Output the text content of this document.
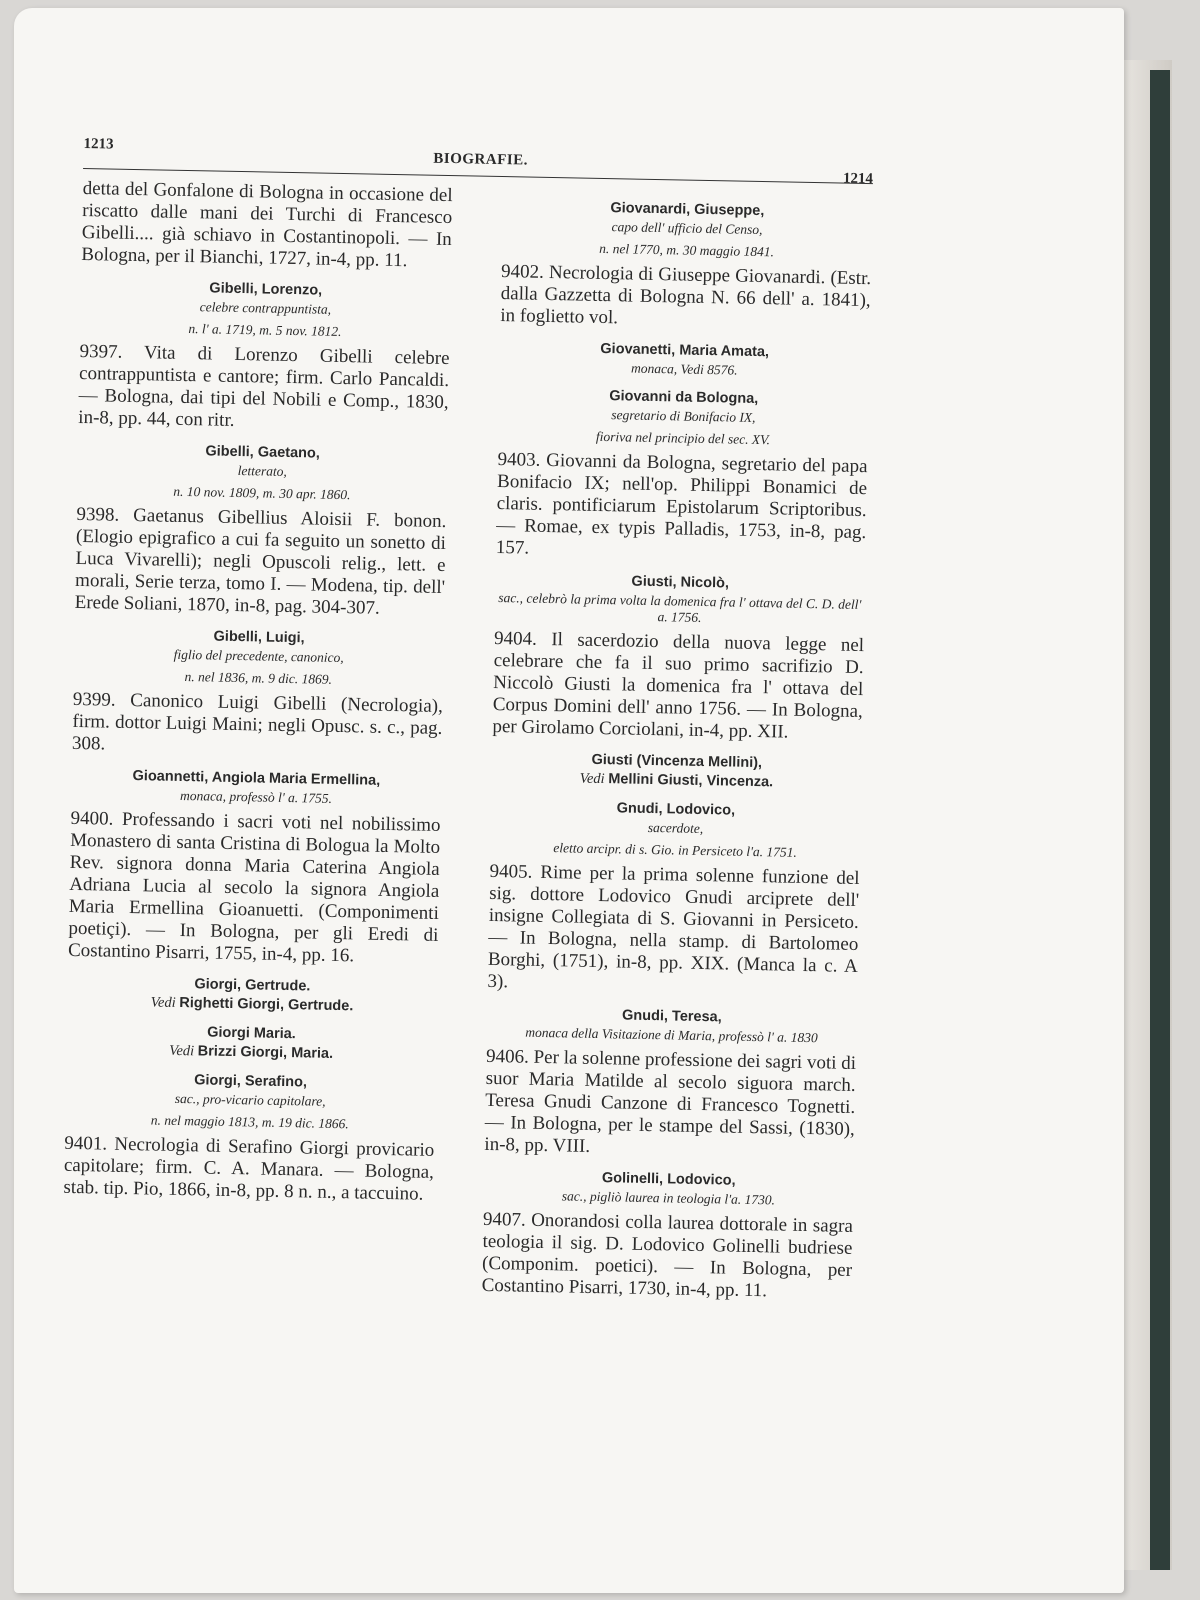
1213
BIOGRAFIE.
1214
detta del Gonfalone di Bologna in occasione del riscatto dalle mani dei Turchi di Francesco Gibelli.... già schiavo in Costantinopoli. — In Bologna, per il Bianchi, 1727, in-4, pp. 11.
Gibelli, Lorenzo,
celebre contrappuntista,
n. l' a. 1719, m. 5 nov. 1812.
9397. Vita di Lorenzo Gibelli celebre contrappuntista e cantore; firm. Carlo Pancaldi. — Bologna, dai tipi del Nobili e Comp., 1830, in-8, pp. 44, con ritr.
Gibelli, Gaetano,
letterato,
n. 10 nov. 1809, m. 30 apr. 1860.
9398. Gaetanus Gibellius Aloisii F. bonon. (Elogio epigrafico a cui fa seguito un sonetto di Luca Vivarelli); negli Opuscoli relig., lett. e morali, Serie terza, tomo I. — Modena, tip. dell' Erede Soliani, 1870, in-8, pag. 304-307.
Gibelli, Luigi,
figlio del precedente, canonico,
n. nel 1836, m. 9 dic. 1869.
9399. Canonico Luigi Gibelli (Necrologia), firm. dottor Luigi Maini; negli Opusc. s. c., pag. 308.
Gioannetti, Angiola Maria Ermellina,
monaca, professò l' a. 1755.
9400. Professando i sacri voti nel nobilissimo Monastero di santa Cristina di Bologua la Molto Rev. signora donna Maria Caterina Angiola Adriana Lucia al secolo la signora Angiola Maria Ermellina Gioanuetti. (Componimenti poetiçi). — In Bologna, per gli Eredi di Costantino Pisarri, 1755, in-4, pp. 16.
Giorgi, Gertrude.
Vedi Righetti Giorgi, Gertrude.
Giorgi Maria.
Vedi Brizzi Giorgi, Maria.
Giorgi, Serafino,
sac., pro-vicario capitolare,
n. nel maggio 1813, m. 19 dic. 1866.
9401. Necrologia di Serafino Giorgi provicario capitolare; firm. C. A. Manara. — Bologna, stab. tip. Pio, 1866, in-8, pp. 8 n. n., a taccuino.
Giovanardi, Giuseppe,
capo dell' ufficio del Censo,
n. nel 1770, m. 30 maggio 1841.
9402. Necrologia di Giuseppe Giovanardi. (Estr. dalla Gazzetta di Bologna N. 66 dell' a. 1841), in foglietto vol.
Giovanetti, Maria Amata,
monaca, Vedi 8576.
Giovanni da Bologna,
segretario di Bonifacio IX,
fioriva nel principio del sec. XV.
9403. Giovanni da Bologna, segretario del papa Bonifacio IX; nell'op. Philippi Bonamici de claris. pontificiarum Epistolarum Scriptoribus. — Romae, ex typis Palladis, 1753, in-8, pag. 157.
Giusti, Nicolò,
sac., celebrò la prima volta la domenica fra l' ottava del C. D. dell' a. 1756.
9404. Il sacerdozio della nuova legge nel celebrare che fa il suo primo sacrifizio D. Niccolò Giusti la domenica fra l' ottava del Corpus Domini dell' anno 1756. — In Bologna, per Girolamo Corciolani, in-4, pp. XII.
Giusti (Vincenza Mellini),
Vedi Mellini Giusti, Vincenza.
Gnudi, Lodovico,
sacerdote,
eletto arcipr. di s. Gio. in Persiceto l'a. 1751.
9405. Rime per la prima solenne funzione del sig. dottore Lodovico Gnudi arciprete dell' insigne Collegiata di S. Giovanni in Persiceto. — In Bologna, nella stamp. di Bartolomeo Borghi, (1751), in-8, pp. XIX. (Manca la c. A 3).
Gnudi, Teresa,
monaca della Visitazione di Maria, professò l' a. 1830
9406. Per la solenne professione dei sagri voti di suor Maria Matilde al secolo siguora march. Teresa Gnudi Canzone di Francesco Tognetti. — In Bologna, per le stampe del Sassi, (1830), in-8, pp. VIII.
Golinelli, Lodovico,
sac., pigliò laurea in teologia l'a. 1730.
9407. Onorandosi colla laurea dottorale in sagra teologia il sig. D. Lodovico Golinelli budriese (Componim. poetici). — In Bologna, per Costantino Pisarri, 1730, in-4, pp. 11.
